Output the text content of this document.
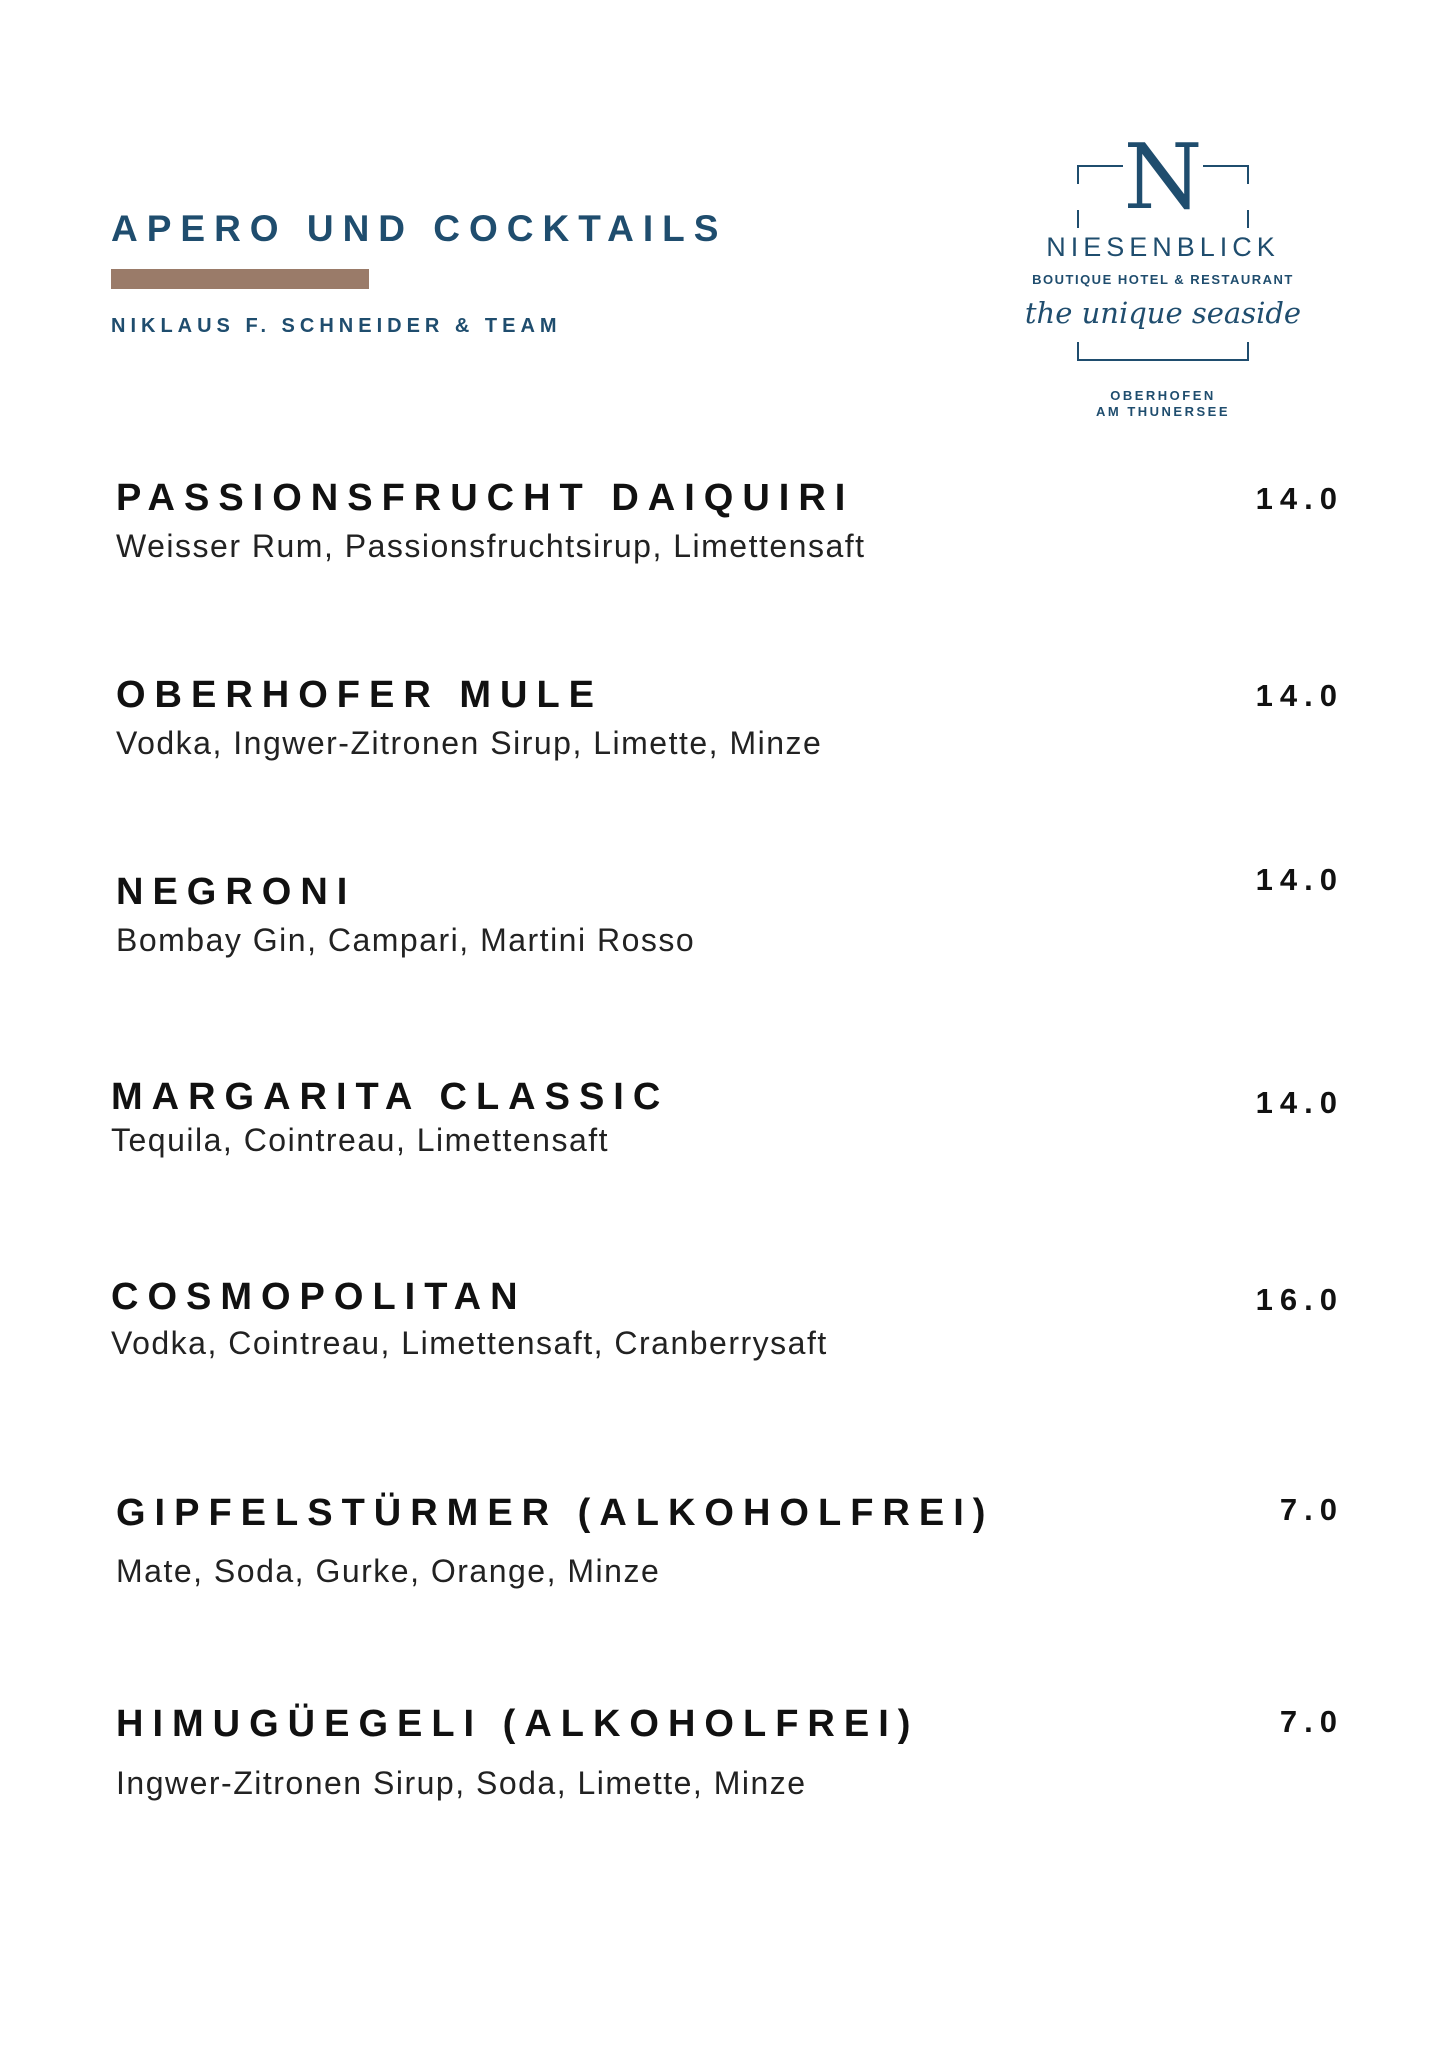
APERO UND COCKTAILS
NIKLAUS F. SCHNEIDER & TEAM
N
NIESENBLICK
BOUTIQUE HOTEL & RESTAURANT
the unique seaside
OBERHOFEN
AM THUNERSEE
PASSIONSFRUCHT DAIQUIRI
Weisser Rum, Passionsfruchtsirup, Limettensaft
14.0
OBERHOFER MULE
Vodka, Ingwer-Zitronen Sirup, Limette, Minze
14.0
NEGRONI
Bombay Gin, Campari, Martini Rosso
14.0
MARGARITA CLASSIC
Tequila, Cointreau, Limettensaft
14.0
COSMOPOLITAN
Vodka, Cointreau, Limettensaft, Cranberrysaft
16.0
GIPFELSTÜRMER (ALKOHOLFREI)
Mate, Soda, Gurke, Orange, Minze
7.0
HIMUGÜEGELI (ALKOHOLFREI)
Ingwer-Zitronen Sirup, Soda, Limette, Minze
7.0
